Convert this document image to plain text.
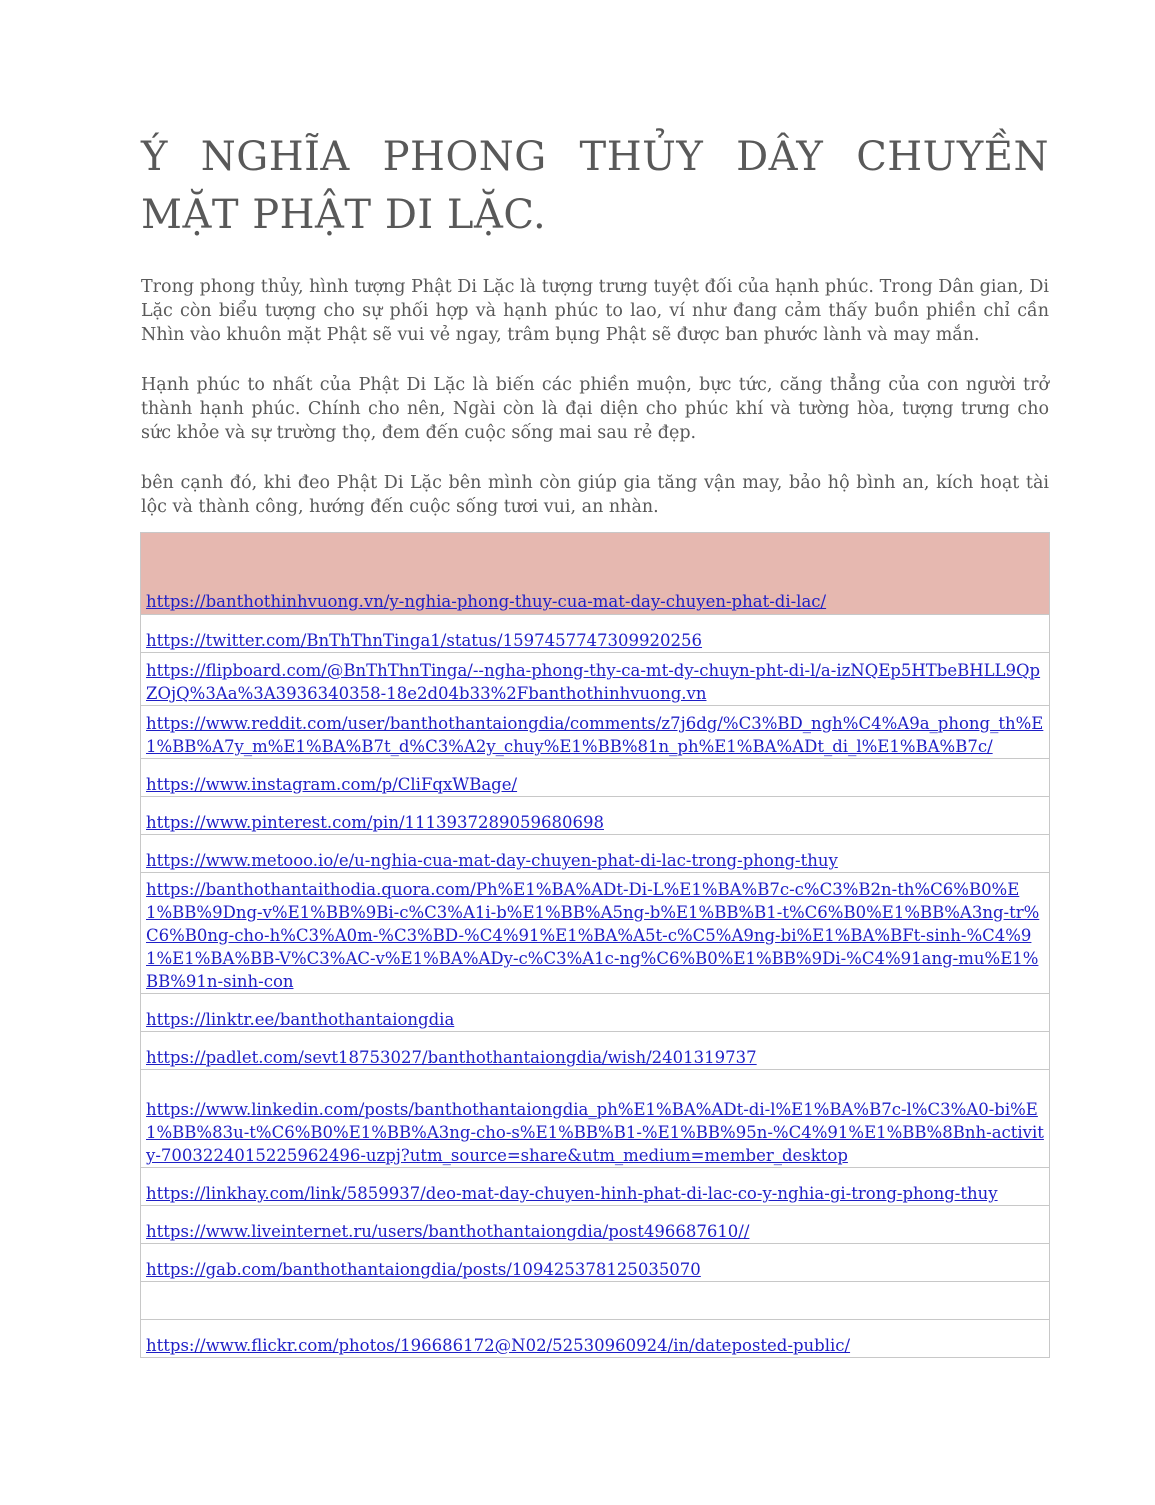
Ý NGHĨA PHONG THỦY DÂY CHUYỀN MẶT PHẬT DI LẶC.

Trong phong thủy, hình tượng Phật Di Lặc là tượng trưng tuyệt đối của hạnh phúc. Trong Dân gian, Di Lặc còn biểu tượng cho sự phối hợp và hạnh phúc to lao, ví như đang cảm thấy buồn phiền chỉ cần Nhìn vào khuôn mặt Phật sẽ vui vẻ ngay, trâm bụng Phật sẽ được ban phước lành và may mắn.

Hạnh phúc to nhất của Phật Di Lặc là biến các phiền muộn, bực tức, căng thẳng của con người trở thành hạnh phúc. Chính cho nên, Ngài còn là đại diện cho phúc khí và tường hòa, tượng trưng cho sức khỏe và sự trường thọ, đem đến cuộc sống mai sau rẻ đẹp.

bên cạnh đó, khi đeo Phật Di Lặc bên mình còn giúp gia tăng vận may, bảo hộ bình an, kích hoạt tài lộc và thành công, hướng đến cuộc sống tươi vui, an nhàn.

https://banthothinhvuong.vn/y-nghia-phong-thuy-cua-mat-day-chuyen-phat-di-lac/
https://twitter.com/BnThThnTinga1/status/1597457747309920256
https://flipboard.com/@BnThThnTinga/--ngha-phong-thy-ca-mt-dy-chuyn-pht-di-l/a-izNQEp5HTbeBHLL9QpZOjQ%3Aa%3A3936340358-18e2d04b33%2Fbanthothinhvuong.vn
https://www.reddit.com/user/banthothantaiongdia/comments/z7j6dg/%C3%BD_ngh%C4%A9a_phong_th%E1%BB%A7y_m%E1%BA%B7t_d%C3%A2y_chuy%E1%BB%81n_ph%E1%BA%ADt_di_l%E1%BA%B7c/
https://www.instagram.com/p/CliFqxWBage/
https://www.pinterest.com/pin/1113937289059680698
https://www.metooo.io/e/u-nghia-cua-mat-day-chuyen-phat-di-lac-trong-phong-thuy
https://banthothantaithodia.quora.com/Ph%E1%BA%ADt-Di-L%E1%BA%B7c-c%C3%B2n-th%C6%B0%E1%BB%9Dng-v%E1%BB%9Bi-c%C3%A1i-b%E1%BB%A5ng-b%E1%BB%B1-t%C6%B0%E1%BB%A3ng-tr%C6%B0ng-cho-h%C3%A0m-%C3%BD-%C4%91%E1%BA%A5t-c%C5%A9ng-bi%E1%BA%BFt-sinh-%C4%91%E1%BA%BB-V%C3%AC-v%E1%BA%ADy-c%C3%A1c-ng%C6%B0%E1%BB%9Di-%C4%91ang-mu%E1%BB%91n-sinh-con
https://linktr.ee/banthothantaiongdia
https://padlet.com/sevt18753027/banthothantaiongdia/wish/2401319737
https://www.linkedin.com/posts/banthothantaiongdia_ph%E1%BA%ADt-di-l%E1%BA%B7c-l%C3%A0-bi%E1%BB%83u-t%C6%B0%E1%BB%A3ng-cho-s%E1%BB%B1-%E1%BB%95n-%C4%91%E1%BB%8Bnh-activity-7003224015225962496-uzpj?utm_source=share&utm_medium=member_desktop
https://linkhay.com/link/5859937/deo-mat-day-chuyen-hinh-phat-di-lac-co-y-nghia-gi-trong-phong-thuy
https://www.liveinternet.ru/users/banthothantaiongdia/post496687610//
https://gab.com/banthothantaiongdia/posts/109425378125035070

https://www.flickr.com/photos/196686172@N02/52530960924/in/dateposted-public/
